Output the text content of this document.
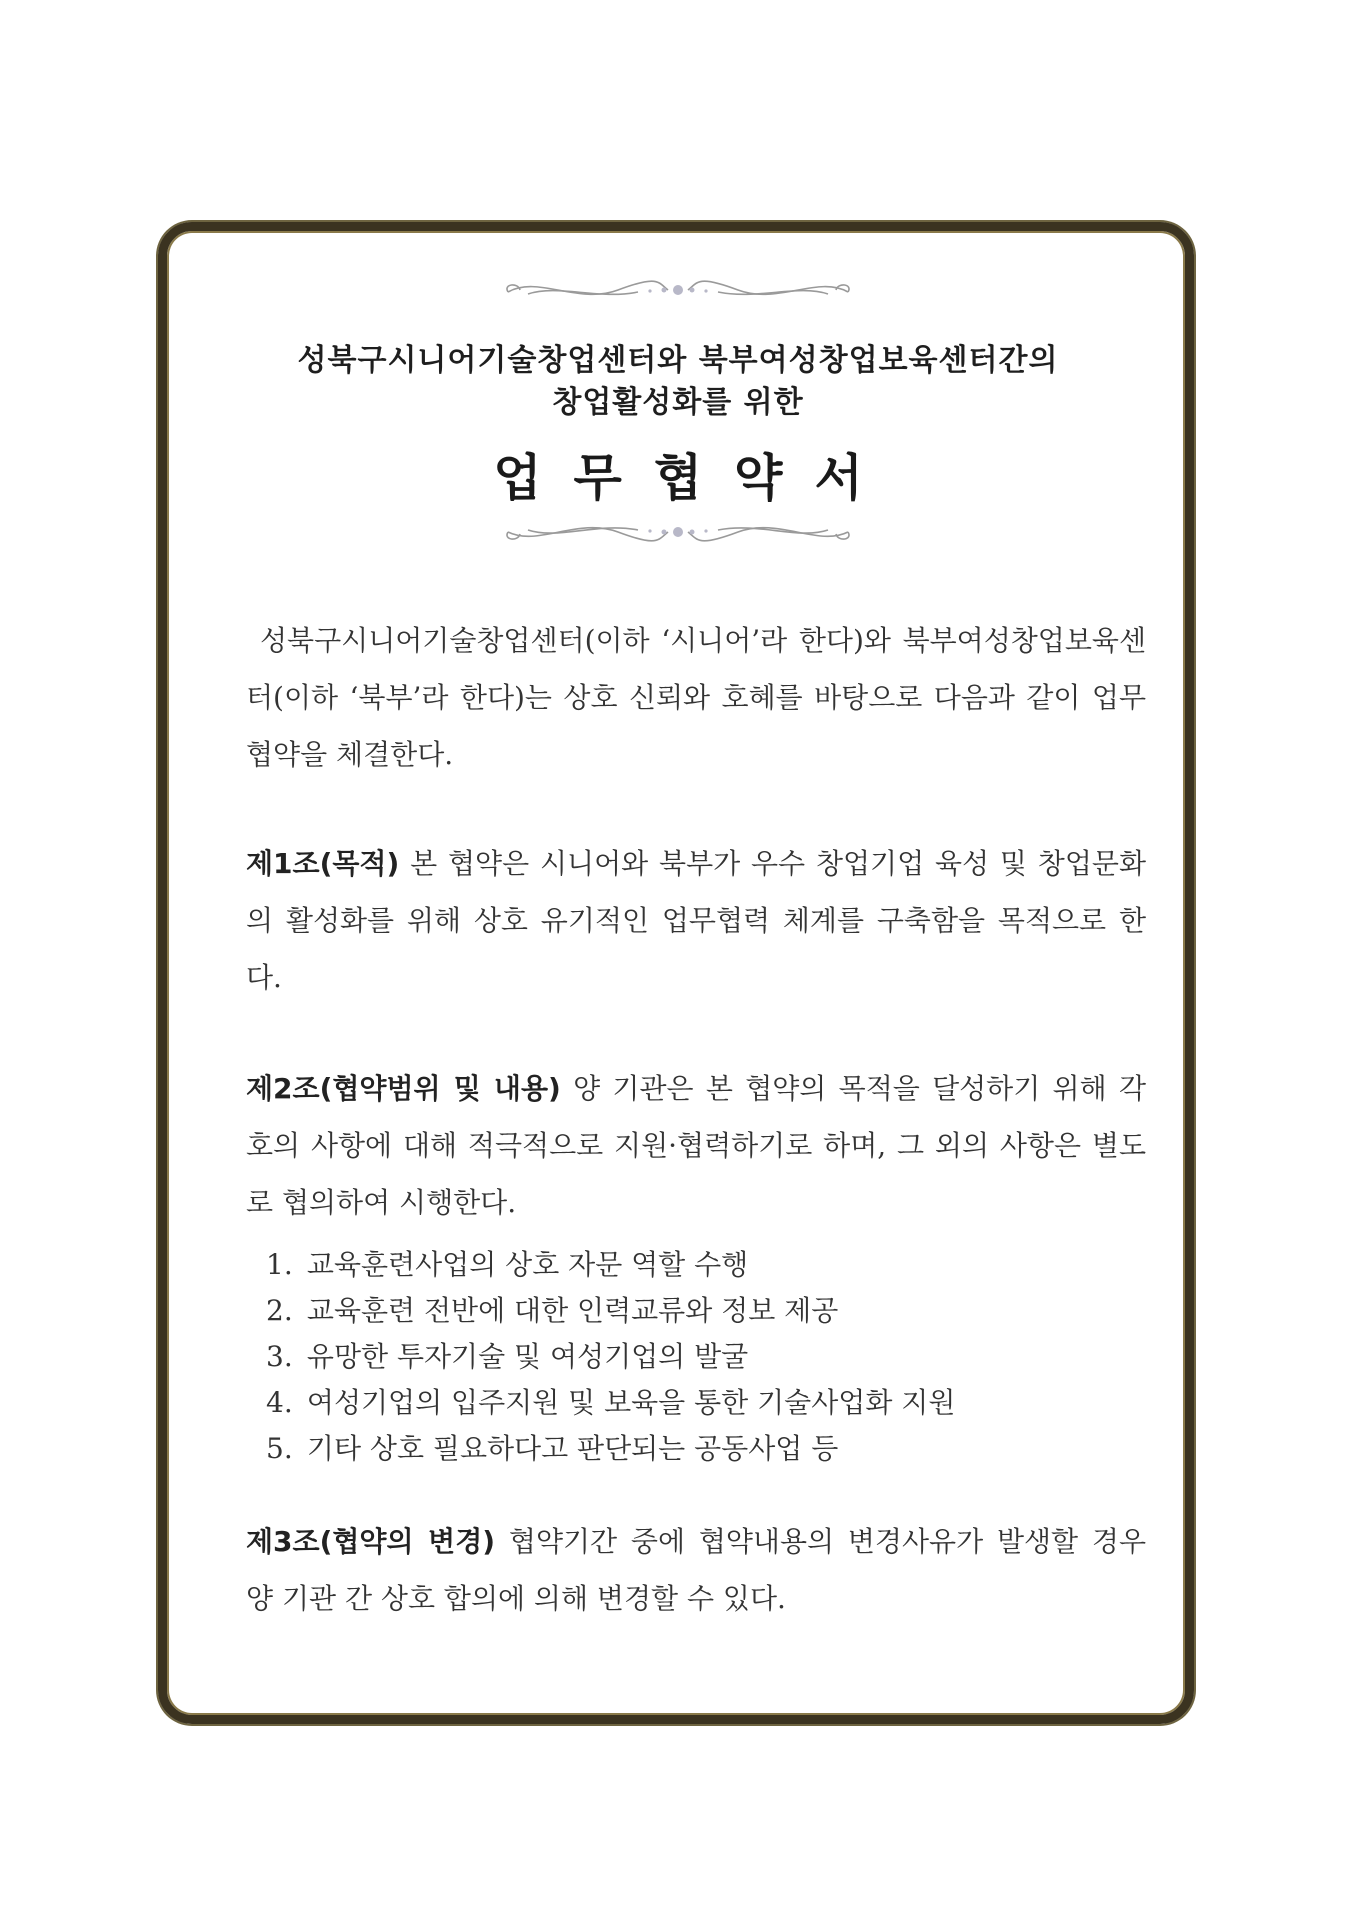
성북구시니어기술창업센터와 북부여성창업보육센터간의
창업활성화를 위한
업무협약서
성북구시니어기술창업센터(이하 ‘시니어’라 한다)와 북부여성창업보육센터(이하 ‘북부’라 한다)는 상호 신뢰와 호혜를 바탕으로 다음과 같이 업무협약을 체결한다.
제1조(목적) 본 협약은 시니어와 북부가 우수 창업기업 육성 및 창업문화의 활성화를 위해 상호 유기적인 업무협력 체계를 구축함을 목적으로 한다.
제2조(협약범위 및 내용) 양 기관은 본 협약의 목적을 달성하기 위해 각 호의 사항에 대해 적극적으로 지원·협력하기로 하며, 그 외의 사항은 별도로 협의하여 시행한다.
1. 교육훈련사업의 상호 자문 역할 수행
2. 교육훈련 전반에 대한 인력교류와 정보 제공
3. 유망한 투자기술 및 여성기업의 발굴
4. 여성기업의 입주지원 및 보육을 통한 기술사업화 지원
5. 기타 상호 필요하다고 판단되는 공동사업 등
제3조(협약의 변경) 협약기간 중에 협약내용의 변경사유가 발생할 경우 양 기관 간 상호 합의에 의해 변경할 수 있다.
